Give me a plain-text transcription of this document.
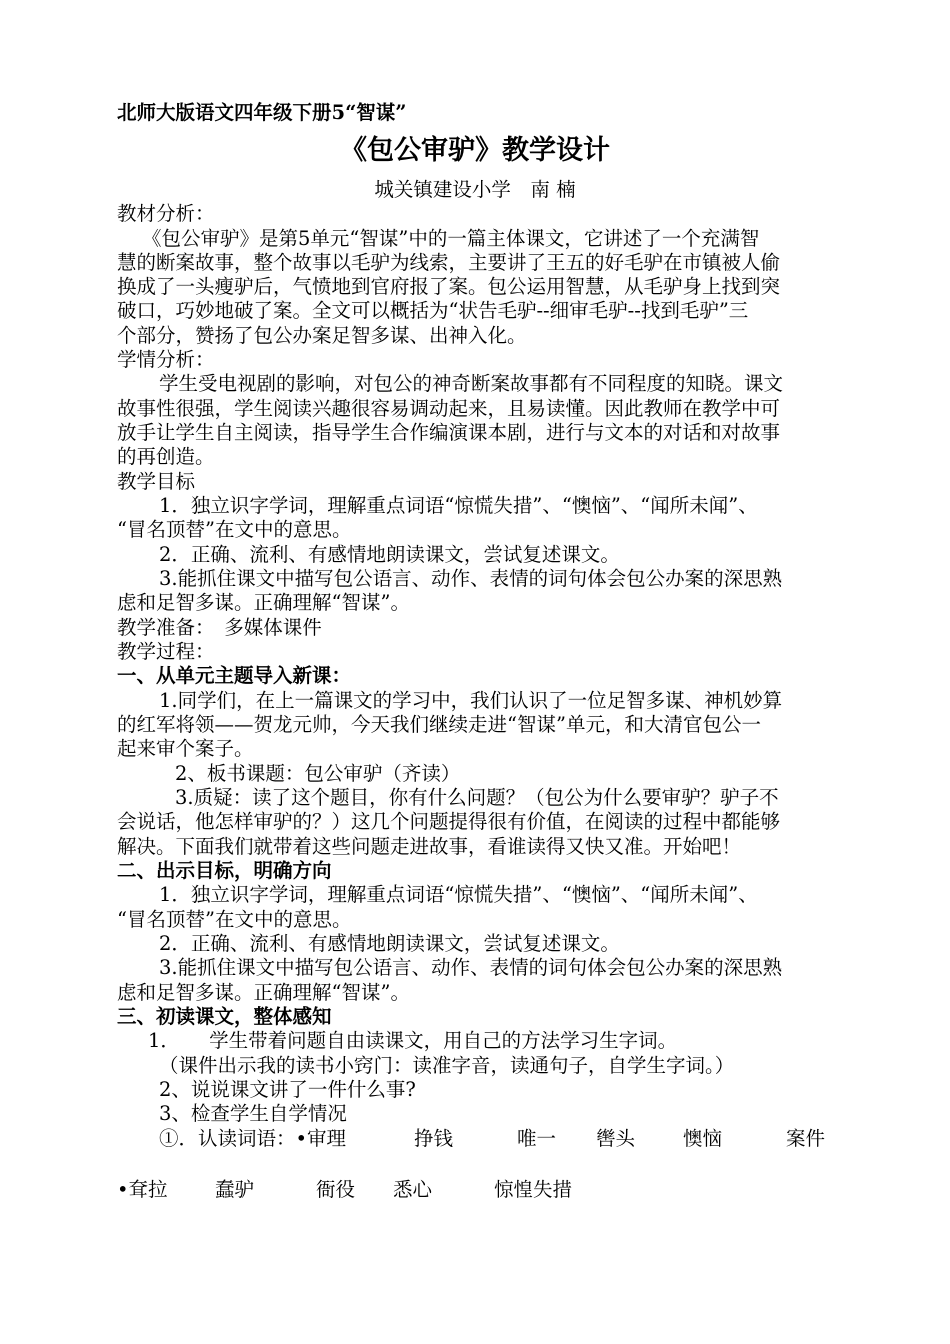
北师大版语文四年级下册5“智谋”
《包公审驴》教学设计
城关镇建设小学　南 楠
教材分析：
《包公审驴》是第5单元“智谋”中的一篇主体课文，它讲述了一个充满智
慧的断案故事，整个故事以毛驴为线索，主要讲了王五的好毛驴在市镇被人偷
换成了一头瘦驴后，气愤地到官府报了案。包公运用智慧，从毛驴身上找到突
破口，巧妙地破了案。全文可以概括为“状告毛驴--细审毛驴--找到毛驴”三
个部分，赞扬了包公办案足智多谋、出神入化。
学情分析：
学生受电视剧的影响，对包公的神奇断案故事都有不同程度的知晓。课文
故事性很强，学生阅读兴趣很容易调动起来，且易读懂。因此教师在教学中可
放手让学生自主阅读，指导学生合作编演课本剧，进行与文本的对话和对故事
的再创造。
教学目标
1．独立识字学词，理解重点词语“惊慌失措”、“懊恼”、“闻所未闻”、
“冒名顶替”在文中的意思。
2．正确、流利、有感情地朗读课文，尝试复述课文。
3.能抓住课文中描写包公语言、动作、表情的词句体会包公办案的深思熟
虑和足智多谋。正确理解“智谋”。
教学准备：　多媒体课件
教学过程：
一、从单元主题导入新课：
1.同学们，在上一篇课文的学习中，我们认识了一位足智多谋、神机妙算
的红军将领——贺龙元帅，今天我们继续走进“智谋”单元，和大清官包公一
起来审个案子。
2、板书课题：包公审驴（齐读）
3.质疑：读了这个题目，你有什么问题？（包公为什么要审驴？驴子不
会说话，他怎样审驴的？）这几个问题提得很有价值，在阅读的过程中都能够
解决。下面我们就带着这些问题走进故事，看谁读得又快又准。开始吧！
二、出示目标，明确方向
1．独立识字学词，理解重点词语“惊慌失措”、“懊恼”、“闻所未闻”、
“冒名顶替”在文中的意思。
2．正确、流利、有感情地朗读课文，尝试复述课文。
3.能抓住课文中描写包公语言、动作、表情的词句体会包公办案的深思熟
虑和足智多谋。正确理解“智谋”。
三、初读课文，整体感知
1．　　学生带着问题自由读课文，用自己的方法学习生字词。
（课件出示我的读书小窍门：读准字音，读通句子，自学生字词。）
2、说说课文讲了一件什么事?
3、检查学生自学情况
①．认读词语：•审理	挣钱	唯一 辔头 懊恼	案件
•耷拉 蠢驴	衙役 悉心	惊惶失措
